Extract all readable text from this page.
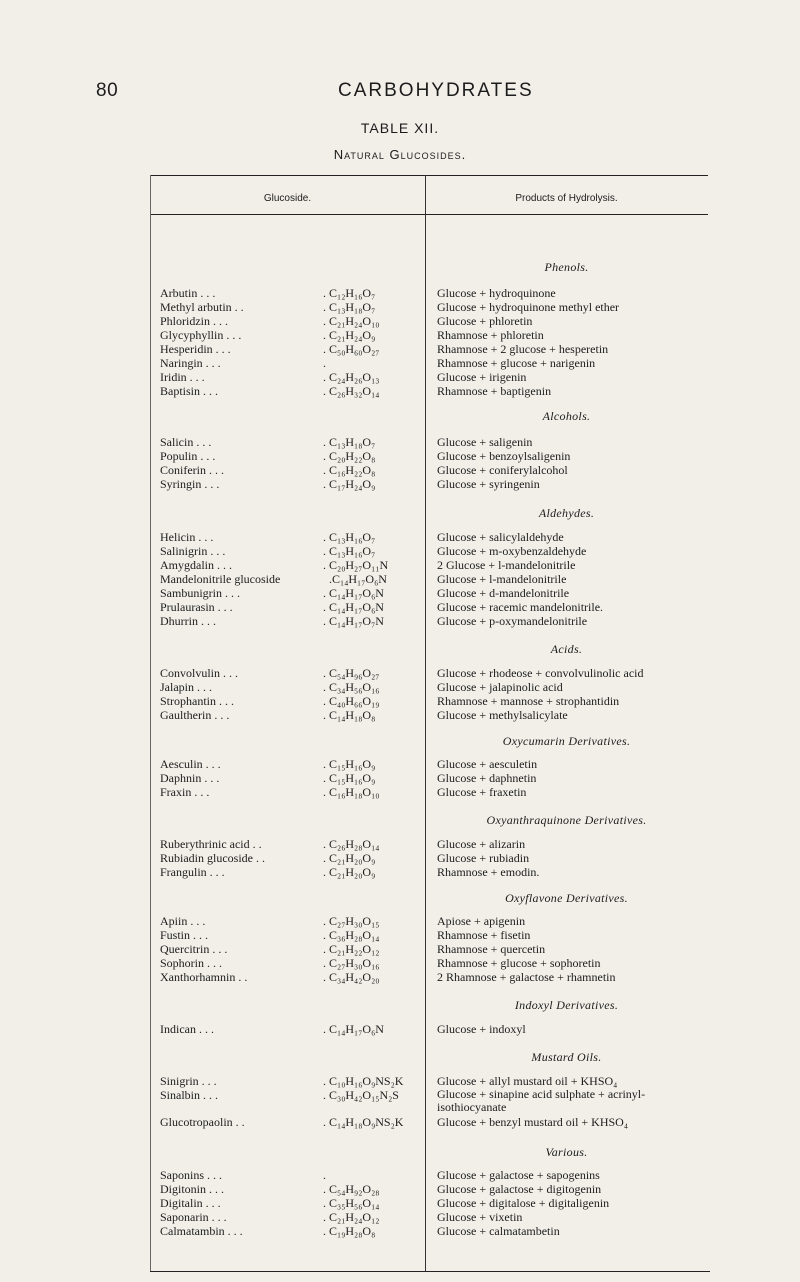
80	CARBOHYDRATES
TABLE XII.
Natural Glucosides.
Glucoside.	Products of Hydrolysis.
Phenols.
Arbutin . . .	. C₁₂H₁₆O₇	Glucose + hydroquinone
Methyl arbutin . .	. C₁₃H₁₈O₇	Glucose + hydroquinone methyl ether
Phloridzin . . .	. C₂₁H₂₄O₁₀	Glucose + phloretin
Glycyphyllin . . .	. C₂₁H₂₄O₉	Rhamnose + phloretin
Hesperidin . . .	. C₅₀H₆₀O₂₇	Rhamnose + 2 glucose + hesperetin
Naringin . . . .	Rhamnose + glucose + narigenin
Iridin . . .	. C₂₄H₂₆O₁₃	Glucose + irigenin
Baptisin . . .	. C₂₆H₃₂O₁₄	Rhamnose + baptigenin
Alcohols.
Salicin . . .	. C₁₃H₁₈O₇	Glucose + saligenin
Populin . . .	. C₂₀H₂₂O₈	Glucose + benzoylsaligenin
Coniferin . . .	. C₁₆H₂₂O₈	Glucose + coniferylalcohol
Syringin . . .	. C₁₇H₂₄O₉	Glucose + syringenin
Aldehydes.
Helicin . . .	. C₁₃H₁₆O₇	Glucose + salicylaldehyde
Salinigrin . . .	. C₁₃H₁₆O₇	Glucose + m-oxybenzaldehyde
Amygdalin . . .	. C₂₀H₂₇O₁₁N	2 Glucose + l-mandelonitrile
Mandelonitrile glucoside	. C₁₄H₁₇O₆N	Glucose + l-mandelonitrile
Sambunigrin . . .	. C₁₄H₁₇O₆N	Glucose + d-mandelonitrile
Prulaurasin . . .	. C₁₄H₁₇O₆N	Glucose + racemic mandelonitrile.
Dhurrin . . .	. C₁₄H₁₇O₇N	Glucose + p-oxymandelonitrile
Acids.
Convolvulin . . .	. C₅₄H₉₆O₂₇	Glucose + rhodeose + convolvulinolic acid
Jalapin . . .	. C₃₄H₅₆O₁₆	Glucose + jalapinolic acid
Strophantin . . .	. C₄₀H₆₆O₁₉	Rhamnose + mannose + strophantidin
Gaultherin . . .	. C₁₄H₁₈O₈	Glucose + methylsalicylate
Oxycumarin Derivatives.
Aesculin . . .	. C₁₅H₁₆O₉	Glucose + aesculetin
Daphnin . . .	. C₁₅H₁₆O₉	Glucose + daphnetin
Fraxin . . .	. C₁₆H₁₈O₁₀	Glucose + fraxetin
Oxyanthraquinone Derivatives.
Ruberythrinic acid . .	. C₂₆H₂₈O₁₄	Glucose + alizarin
Rubiadin glucoside . .	. C₂₁H₂₀O₉	Glucose + rubiadin
Frangulin . . .	. C₂₁H₂₀O₉	Rhamnose + emodin.
Oxyflavone Derivatives.
Apiin . . .	. C₂₇H₃₀O₁₅	Apiose + apigenin
Fustin . . .	. C₃₆H₂₈O₁₄	Rhamnose + fisetin
Quercitrin . . .	. C₂₁H₂₂O₁₂	Rhamnose + quercetin
Sophorin . . .	. C₂₇H₃₀O₁₆	Rhamnose + glucose + sophoretin
Xanthorhamnin . .	. C₃₄H₄₂O₂₀	2 Rhamnose + galactose + rhamnetin
Indoxyl Derivatives.
Indican . . .	. C₁₄H₁₇O₆N	Glucose + indoxyl
Mustard Oils.
Sinigrin . . .	. C₁₀H₁₆O₉NS₂K	Glucose + allyl mustard oil + KHSO₄
Sinalbin . . .	. C₃₀H₄₂O₁₅N₂S	Glucose + sinapine acid sulphate + acrinyl-isothiocyanate
Glucotropaolin . .	. C₁₄H₁₈O₉NS₂K	Glucose + benzyl mustard oil + KHSO₄
Various.
Saponins . . . .	Glucose + galactose + sapogenins
Digitonin . . .	. C₅₄H₉₂O₂₈	Glucose + galactose + digitogenin
Digitalin . . .	. C₃₅H₅₆O₁₄	Glucose + digitalose + digitaligenin
Saponarin . . .	. C₂₁H₂₄O₁₂	Glucose + vixetin
Calmatambin . . .	. C₁₉H₂₈O₈	Glucose + calmatambetin
